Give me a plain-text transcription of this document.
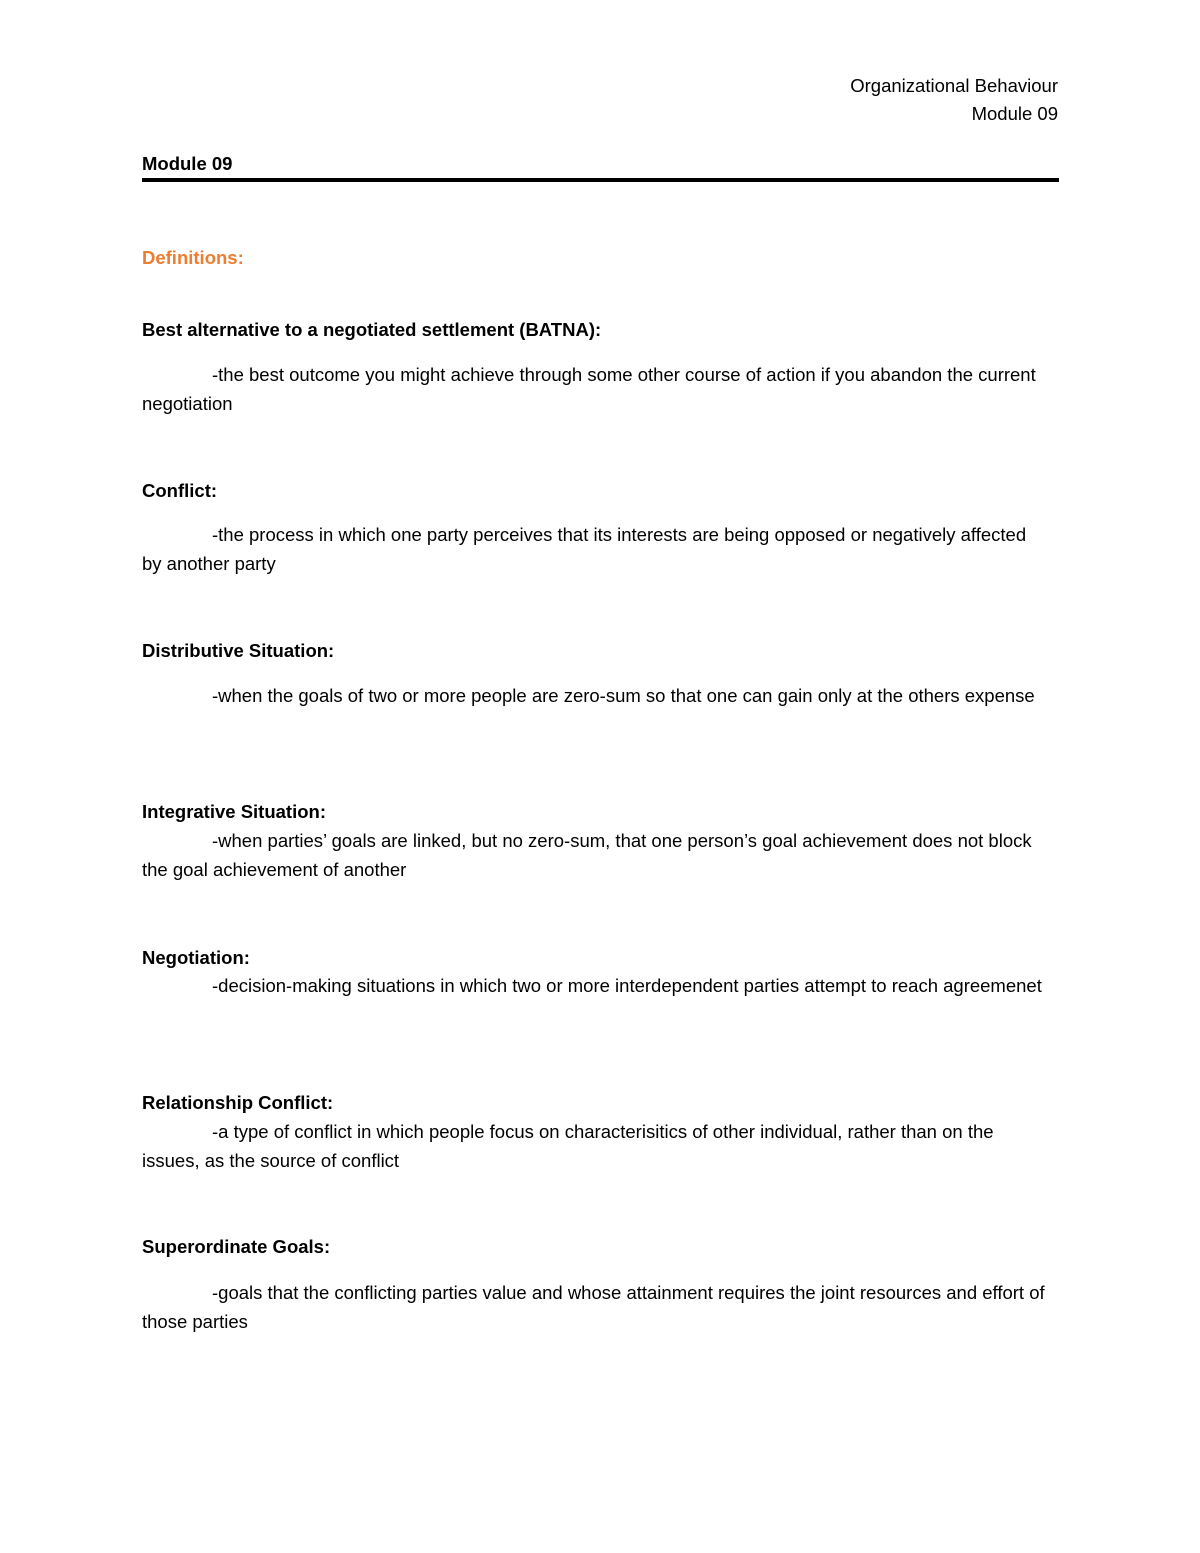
Organizational Behaviour
Module 09
Module 09
Definitions:
Best alternative to a negotiated settlement (BATNA):

-the best outcome you might achieve through some other course of action if you abandon the current negotiation

Conflict:

-the process in which one party perceives that its interests are being opposed or negatively affected by another party

Distributive Situation:

-when the goals of two or more people are zero-sum so that one can gain only at the others expense

Integrative Situation:

-when parties’ goals are linked, but no zero-sum, that one person’s goal achievement does not block the goal achievement of another

Negotiation:

-decision-making situations in which two or more interdependent parties attempt to reach agreemenet

Relationship Conflict:

-a type of conflict in which people focus on characterisitics of other individual, rather than on the issues, as the source of conflict

Superordinate Goals:

-goals that the conflicting parties value and whose attainment requires the joint resources and effort of those parties
